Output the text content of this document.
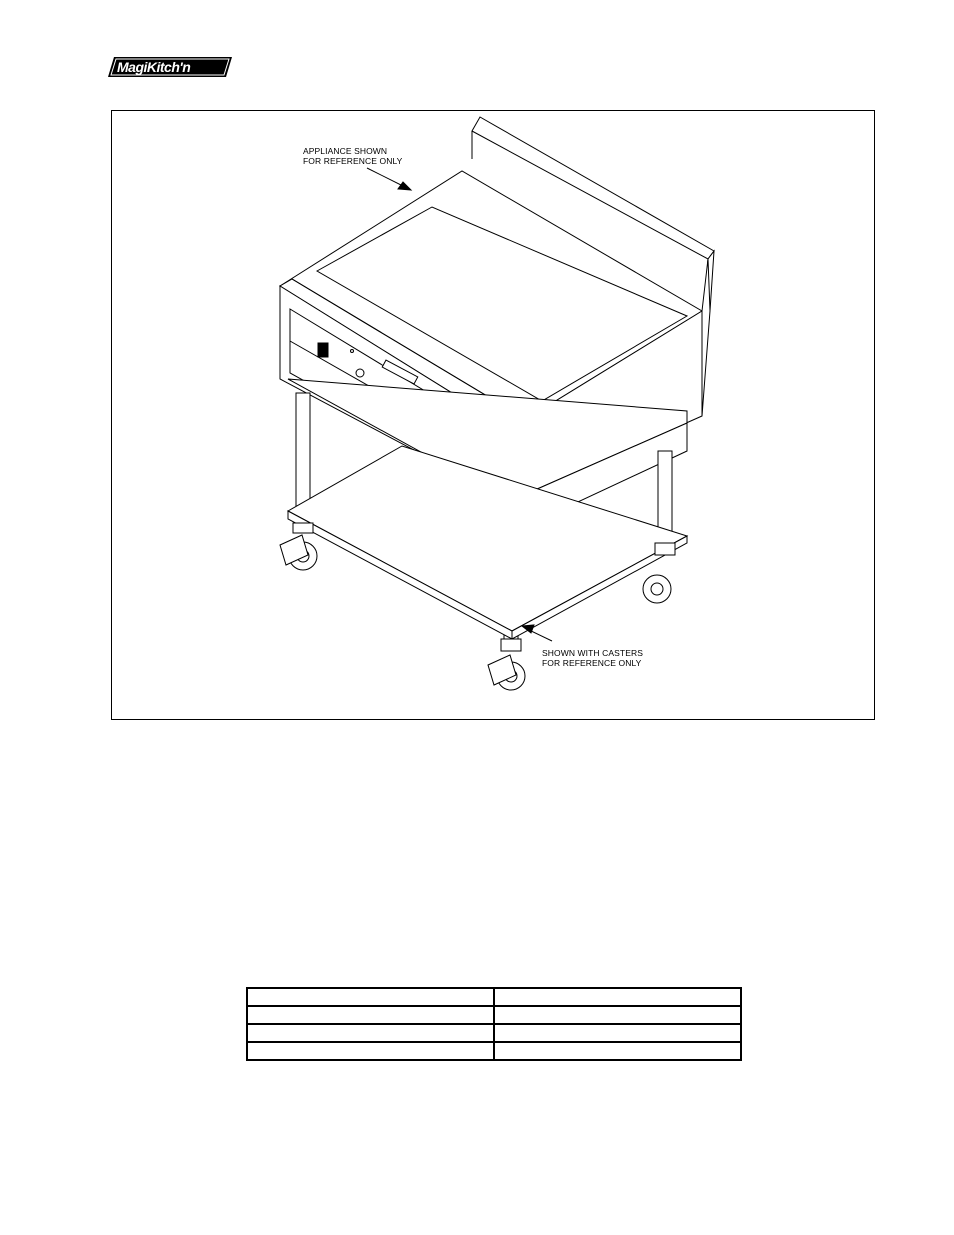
MagiKitch'n
APPLIANCE SHOWN
FOR REFERENCE ONLY
SHOWN WITH CASTERS
FOR REFERENCE ONLY
